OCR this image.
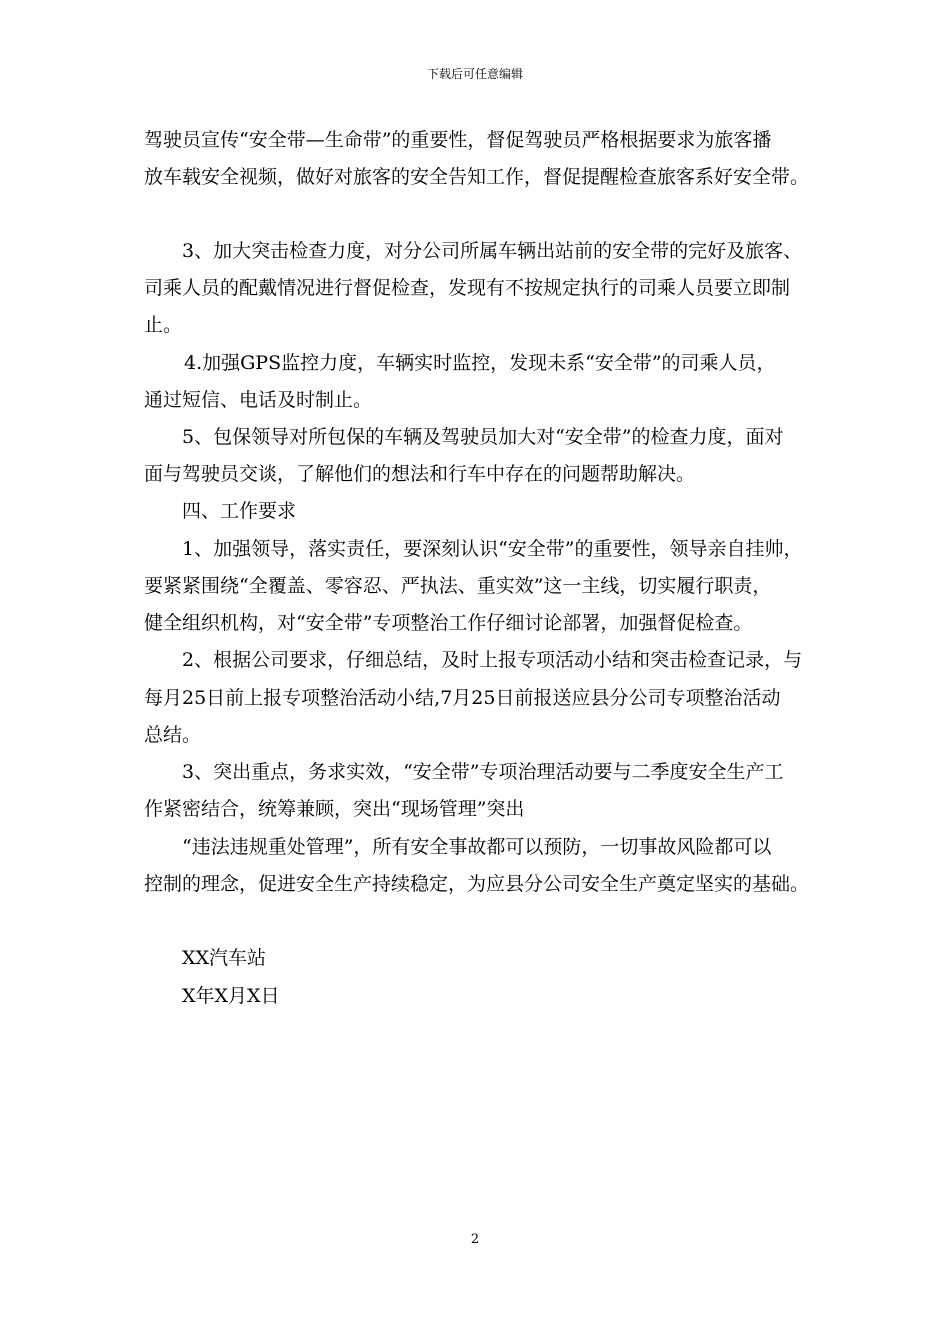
下载后可任意编辑
驾驶员宣传“安全带—生命带”的重要性，督促驾驶员严格根据要求为旅客播
放车载安全视频，做好对旅客的安全告知工作，督促提醒检查旅客系好安全带。
3、加大突击检查力度，对分公司所属车辆出站前的安全带的完好及旅客、
司乘人员的配戴情况进行督促检查，发现有不按规定执行的司乘人员要立即制
止。
4.加强GPS监控力度，车辆实时监控，发现未系“安全带”的司乘人员，
通过短信、电话及时制止。
5、包保领导对所包保的车辆及驾驶员加大对“安全带”的检查力度，面对
面与驾驶员交谈，了解他们的想法和行车中存在的问题帮助解决。
四、工作要求
1、加强领导，落实责任，要深刻认识“安全带”的重要性，领导亲自挂帅，
要紧紧围绕“全覆盖、零容忍、严执法、重实效”这一主线，切实履行职责，
健全组织机构，对“安全带”专项整治工作仔细讨论部署，加强督促检查。
2、根据公司要求，仔细总结，及时上报专项活动小结和突击检查记录，与
每月25日前上报专项整治活动小结,7月25日前报送应县分公司专项整治活动
总结。
3、突出重点，务求实效，“安全带”专项治理活动要与二季度安全生产工
作紧密结合，统筹兼顾，突出“现场管理”突出
“违法违规重处管理”，所有安全事故都可以预防，一切事故风险都可以
控制的理念，促进安全生产持续稳定，为应县分公司安全生产奠定坚实的基础。
XX汽车站
X年X月X日
2
